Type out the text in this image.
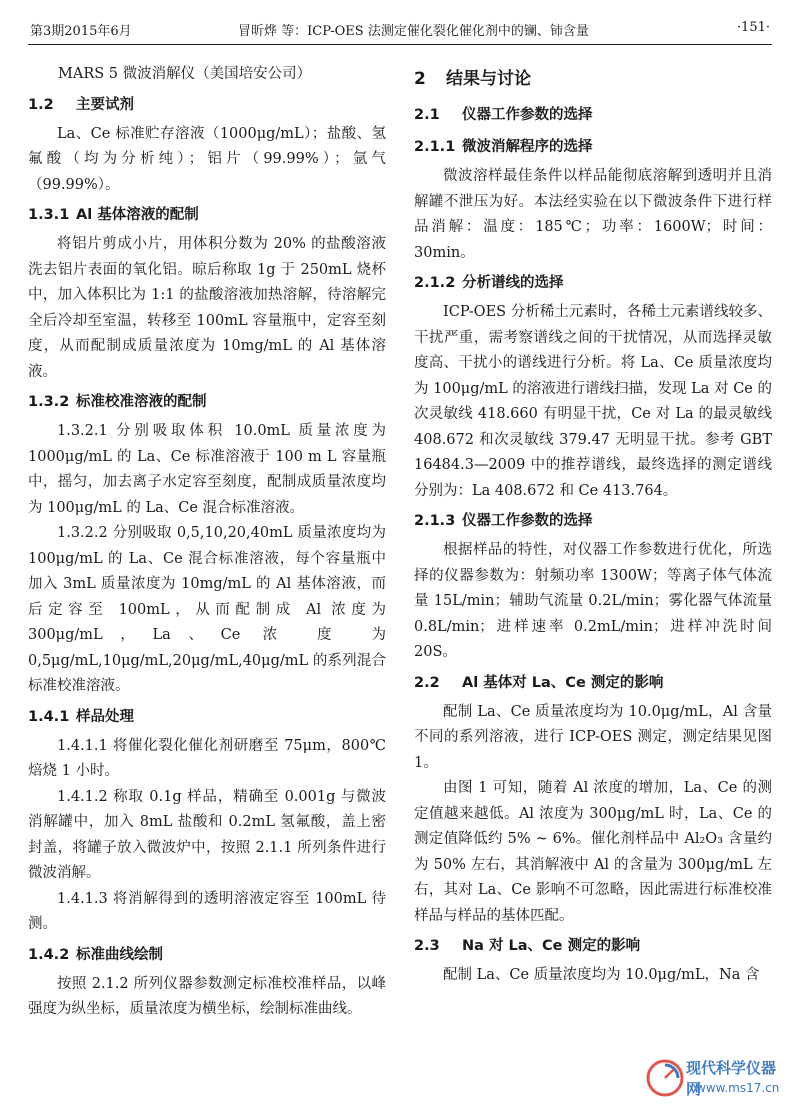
第3期2015年6月	冒昕烨 等：ICP-OES 法测定催化裂化催化剂中的镧、铈含量	·151·

MARS 5 微波消解仪（美国培安公司）

1.2 主要试剂

La、Ce 标准贮存溶液（1000μg/mL）；盐酸、氢氟酸（均为分析纯）；铝片（99.99%）；氩气（99.99%）。

1.3.1 Al 基体溶液的配制

将铝片剪成小片，用体积分数为 20% 的盐酸溶液洗去铝片表面的氧化铝。晾后称取 1g 于 250mL 烧杯中，加入体积比为 1:1 的盐酸溶液加热溶解，待溶解完全后冷却至室温，转移至 100mL 容量瓶中，定容至刻度，从而配制成质量浓度为 10mg/mL 的 Al 基体溶液。

1.3.2 标准校准溶液的配制

1.3.2.1 分别吸取体积 10.0mL 质量浓度为 1000μg/mL 的 La、Ce 标准溶液于 100 m L 容量瓶中，摇匀，加去离子水定容至刻度，配制成质量浓度均为 100μg/mL 的 La、Ce 混合标准溶液。

1.3.2.2 分别吸取 0,5,10,20,40mL 质量浓度均为 100μg/mL 的 La、Ce 混合标准溶液，每个容量瓶中加入 3mL 质量浓度为 10mg/mL 的 Al 基体溶液，而后定容至 100mL，从而配制成 Al 浓度为 300μg/mL，La、Ce 浓 度 为 0,5μg/mL,10μg/mL,20μg/mL,40μg/mL 的系列混合标准校准溶液。

1.4.1 样品处理

1.4.1.1 将催化裂化催化剂研磨至 75μm，800℃焙烧 1 小时。

1.4.1.2 称取 0.1g 样品，精确至 0.001g 与微波消解罐中，加入 8mL 盐酸和 0.2mL 氢氟酸，盖上密封盖，将罐子放入微波炉中，按照 2.1.1 所列条件进行微波消解。

1.4.1.3 将消解得到的透明溶液定容至 100mL 待测。

1.4.2 标准曲线绘制

按照 2.1.2 所列仪器参数测定标准校准样品，以峰强度为纵坐标，质量浓度为横坐标，绘制标准曲线。

2 结果与讨论
2.1 仪器工作参数的选择
2.1.1 微波消解程序的选择

微波溶样最佳条件以样品能彻底溶解到透明并且消解罐不泄压为好。本法经实验在以下微波条件下进行样品消解：温度：185℃；功率：1600W；时间：30min。

2.1.2 分析谱线的选择

ICP-OES 分析稀土元素时，各稀土元素谱线较多、干扰严重，需考察谱线之间的干扰情况，从而选择灵敏度高、干扰小的谱线进行分析。将 La、Ce 质量浓度均为 100μg/mL 的溶液进行谱线扫描，发现 La 对 Ce 的次灵敏线 418.660 有明显干扰，Ce 对 La 的最灵敏线 408.672 和次灵敏线 379.47 无明显干扰。参考 GBT 16484.3—2009 中的推荐谱线，最终选择的测定谱线分别为：La 408.672 和 Ce 413.764。

2.1.3 仪器工作参数的选择

根据样品的特性，对仪器工作参数进行优化，所选择的仪器参数为：射频功率 1300W；等离子体气体流量 15L/min；辅助气流量 0.2L/min；雾化器气体流量 0.8L/min；进样速率 0.2mL/min；进样冲洗时间 20S。

2.2 Al 基体对 La、Ce 测定的影响

配制 La、Ce 质量浓度均为 10.0μg/mL，Al 含量不同的系列溶液，进行 ICP-OES 测定，测定结果见图 1。

由图 1 可知，随着 Al 浓度的增加，La、Ce 的测定值越来越低。Al 浓度为 300μg/mL 时，La、Ce 的测定值降低约 5% ~ 6%。催化剂样品中 Al₂O₃ 含量约为 50% 左右，其消解液中 Al 的含量为 300μg/mL 左右，其对 La、Ce 影响不可忽略，因此需进行标准校准样品与样品的基体匹配。

2.3 Na 对 La、Ce 测定的影响

配制 La、Ce 质量浓度均为 10.0μg/mL，Na 含

现代科学仪器网
www.ms17.cn
